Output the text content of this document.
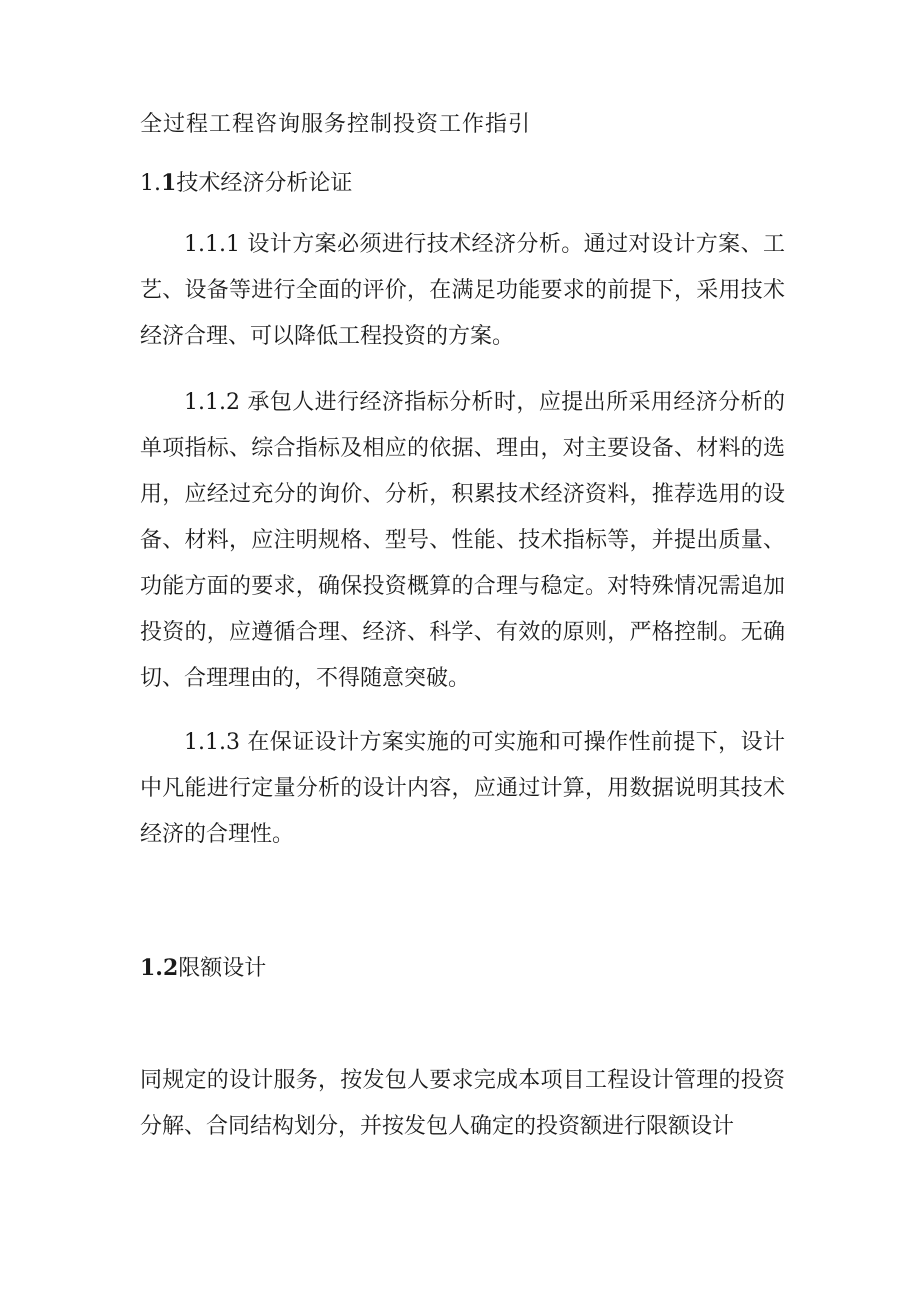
全过程工程咨询服务控制投资工作指引

1.1技术经济分析论证

1.1.1 设计方案必须进行技术经济分析。通过对设计方案、工艺、设备等进行全面的评价，在满足功能要求的前提下，采用技术经济合理、可以降低工程投资的方案。

1.1.2 承包人进行经济指标分析时，应提出所采用经济分析的单项指标、综合指标及相应的依据、理由，对主要设备、材料的选用，应经过充分的询价、分析，积累技术经济资料，推荐选用的设备、材料，应注明规格、型号、性能、技术指标等，并提出质量、功能方面的要求，确保投资概算的合理与稳定。对特殊情况需追加投资的，应遵循合理、经济、科学、有效的原则，严格控制。无确切、合理理由的，不得随意突破。

1.1.3 在保证设计方案实施的可实施和可操作性前提下，设计中凡能进行定量分析的设计内容，应通过计算，用数据说明其技术经济的合理性。

1.2限额设计

同规定的设计服务，按发包人要求完成本项目工程设计管理的投资分解、合同结构划分，并按发包人确定的投资额进行限额设计
